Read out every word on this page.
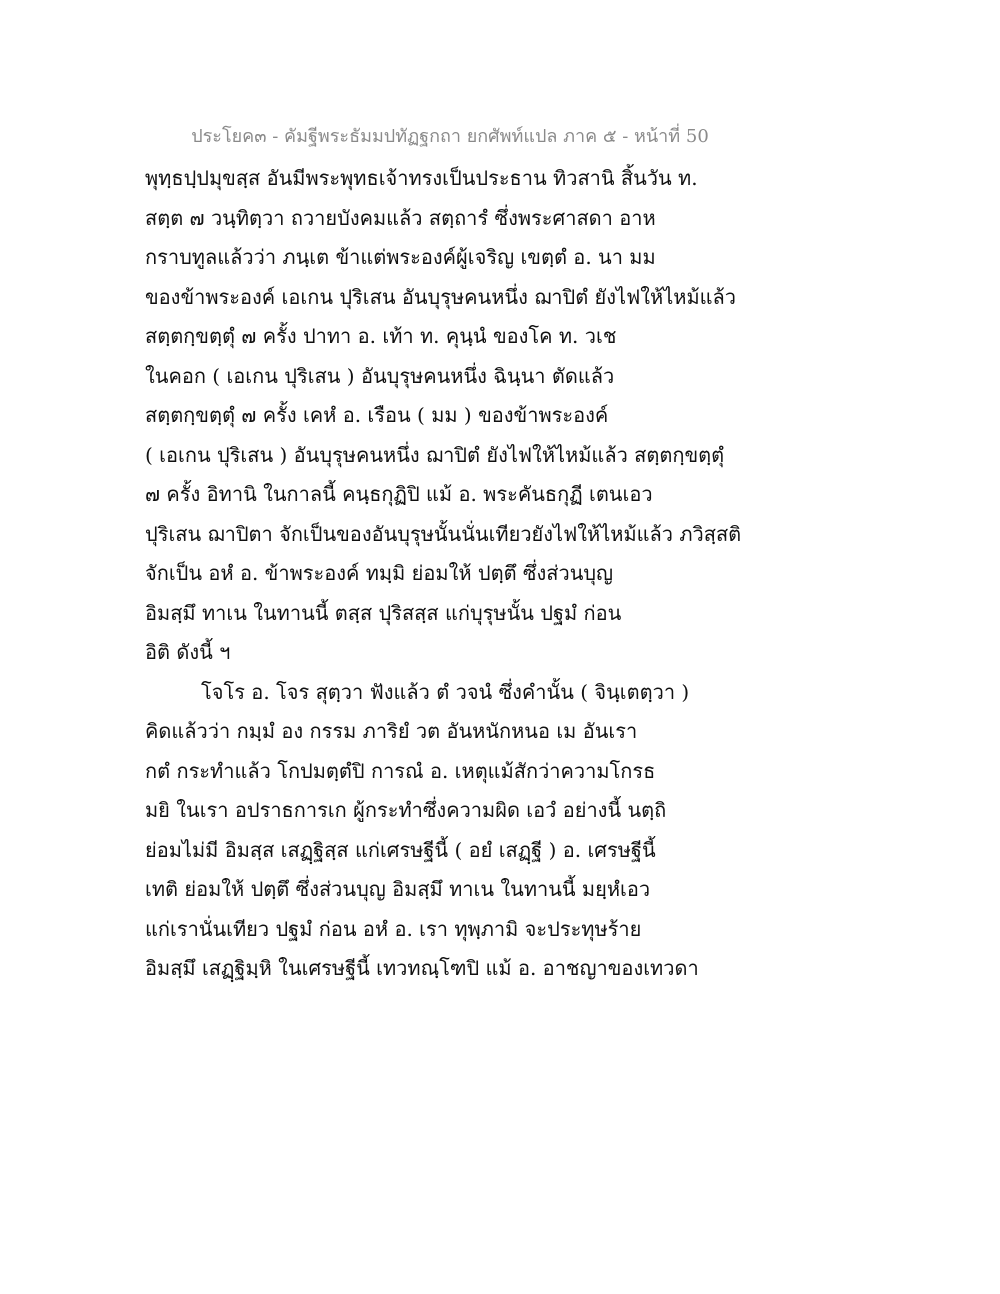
ประโยค๓ - คัมฐีพระธัมมปทัฏฐกถา ยกศัพท์แปล ภาค ๕ - หน้าที่ 50
พุทฺธปฺปมุขสฺส อันมีพระพุทธเจ้าทรงเป็นประธาน ทิวสานิ สิ้นวัน ท.
สตฺต ๗ วนฺทิตฺวา ถวายบังคมแล้ว สตฺถารํ ซึ่งพระศาสดา อาห
กราบทูลแล้วว่า ภนฺเต ข้าแต่พระองค์ผู้เจริญ เขตฺตํ อ. นา มม
ของข้าพระองค์ เอเกน ปุริเสน อันบุรุษคนหนึ่ง ฌาปิตํ ยังไฟให้ไหม้แล้ว
สตฺตกฺขตฺตุํ ๗ ครั้ง ปาทา อ. เท้า ท. คุนฺนํ ของโค ท. วเช
ในคอก ( เอเกน ปุริเสน ) อันบุรุษคนหนึ่ง ฉินฺนา ตัดแล้ว
สตฺตกฺขตฺตุํ ๗ ครั้ง เคหํ อ. เรือน ( มม ) ของข้าพระองค์
( เอเกน ปุริเสน ) อันบุรุษคนหนึ่ง ฌาปิตํ ยังไฟให้ไหม้แล้ว สตฺตกฺขตฺตุํ
๗ ครั้ง อิทานิ ในกาลนี้ คนฺธกุฏิปิ แม้ อ. พระคันธกุฏี เตนเอว
ปุริเสน ฌาปิตา จักเป็นของอันบุรุษนั้นนั่นเทียวยังไฟให้ไหม้แล้ว ภวิสฺสติ
จักเป็น อหํ อ. ข้าพระองค์ ทมฺมิ ย่อมให้ ปตฺตึ ซึ่งส่วนบุญ
อิมสฺมึ ทาเน ในทานนี้ ตสฺส ปุริสสฺส แก่บุรุษนั้น ปฐมํ ก่อน
อิติ ดังนี้ ฯ
โจโร อ. โจร สุตฺวา ฟังแล้ว ตํ วจนํ ซึ่งคำนั้น ( จินฺเตตฺวา )
คิดแล้วว่า กมฺมํ อง กรรม ภาริยํ วต อันหนักหนอ เม อันเรา
กตํ กระทำแล้ว โกปมตฺตํปิ การณํ อ. เหตุแม้สักว่าความโกรธ
มยิ ในเรา อปราธการเก ผู้กระทำซึ่งความผิด เอวํ อย่างนี้ นตฺถิ
ย่อมไม่มี อิมสฺส เสฏฺฐิสฺส แก่เศรษฐีนี้ ( อยํ เสฏฺฐี ) อ. เศรษฐีนี้
เทติ ย่อมให้ ปตฺตึ ซึ่งส่วนบุญ อิมสฺมึ ทาเน ในทานนี้ มยฺหํเอว
แก่เรานั่นเทียว ปฐมํ ก่อน อหํ อ. เรา ทุพฺภามิ จะประทุษร้าย
อิมสฺมึ เสฏฺฐิมฺหิ ในเศรษฐีนี้ เทวทณฺโฑปิ แม้ อ. อาชญาของเทวดา
